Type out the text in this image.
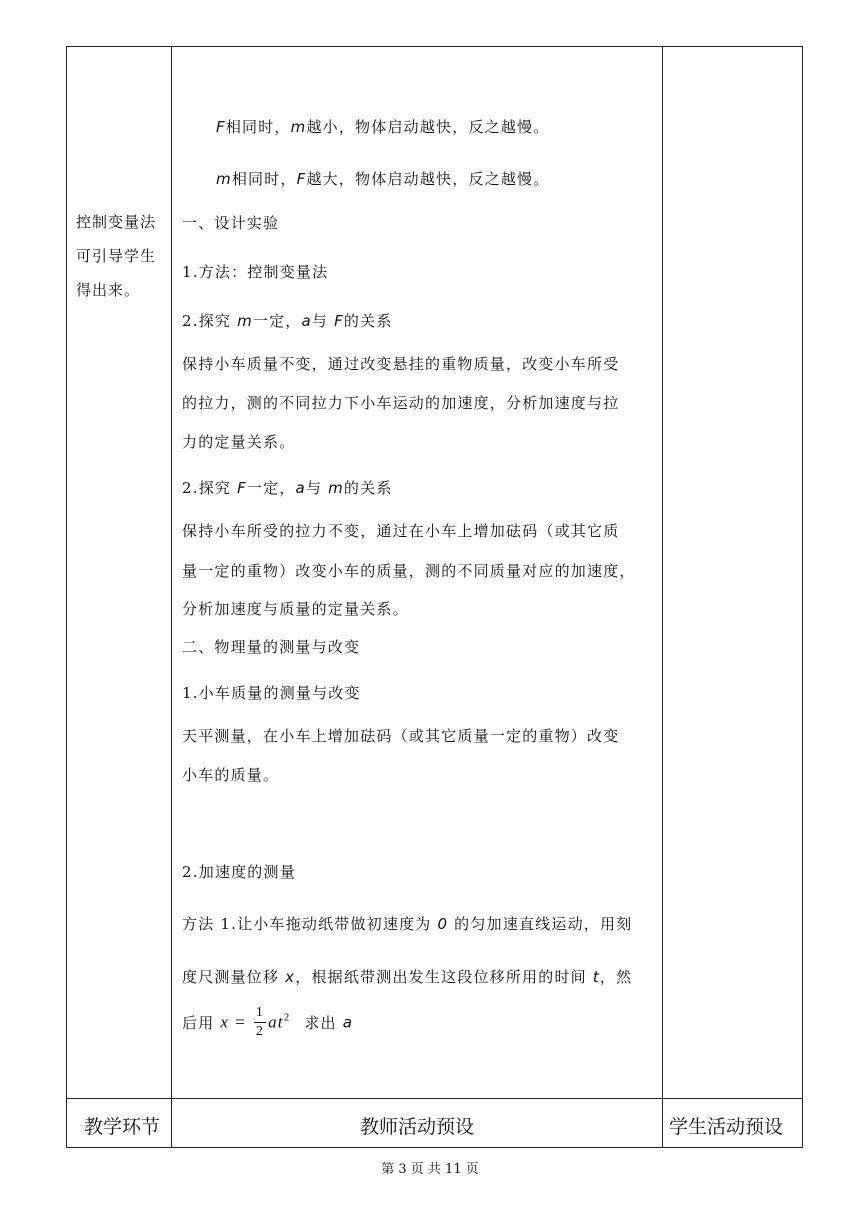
控制变量法
可引导学生
得出来。
F相同时，m越小，物体启动越快，反之越慢。
m相同时，F越大，物体启动越快，反之越慢。
一、设计实验
1.方法：控制变量法
2.探究 m一定，a与 F的关系
保持小车质量不变，通过改变悬挂的重物质量，改变小车所受
的拉力，测的不同拉力下小车运动的加速度，分析加速度与拉
力的定量关系。
2.探究 F一定，a与 m的关系
保持小车所受的拉力不变，通过在小车上增加砝码（或其它质
量一定的重物）改变小车的质量，测的不同质量对应的加速度，
分析加速度与质量的定量关系。
二、物理量的测量与改变
1.小车质量的测量与改变
天平测量，在小车上增加砝码（或其它质量一定的重物）改变
小车的质量。
2.加速度的测量
方法 1.让小车拖动纸带做初速度为 0 的匀加速直线运动，用刻
度尺测量位移 x，根据纸带测出发生这段位移所用的时间 t，然
后用 $x = \frac{1}{2} at^2$ 求出 a
教学环节	教师活动预设	学生活动预设
第 3 页 共 11 页
